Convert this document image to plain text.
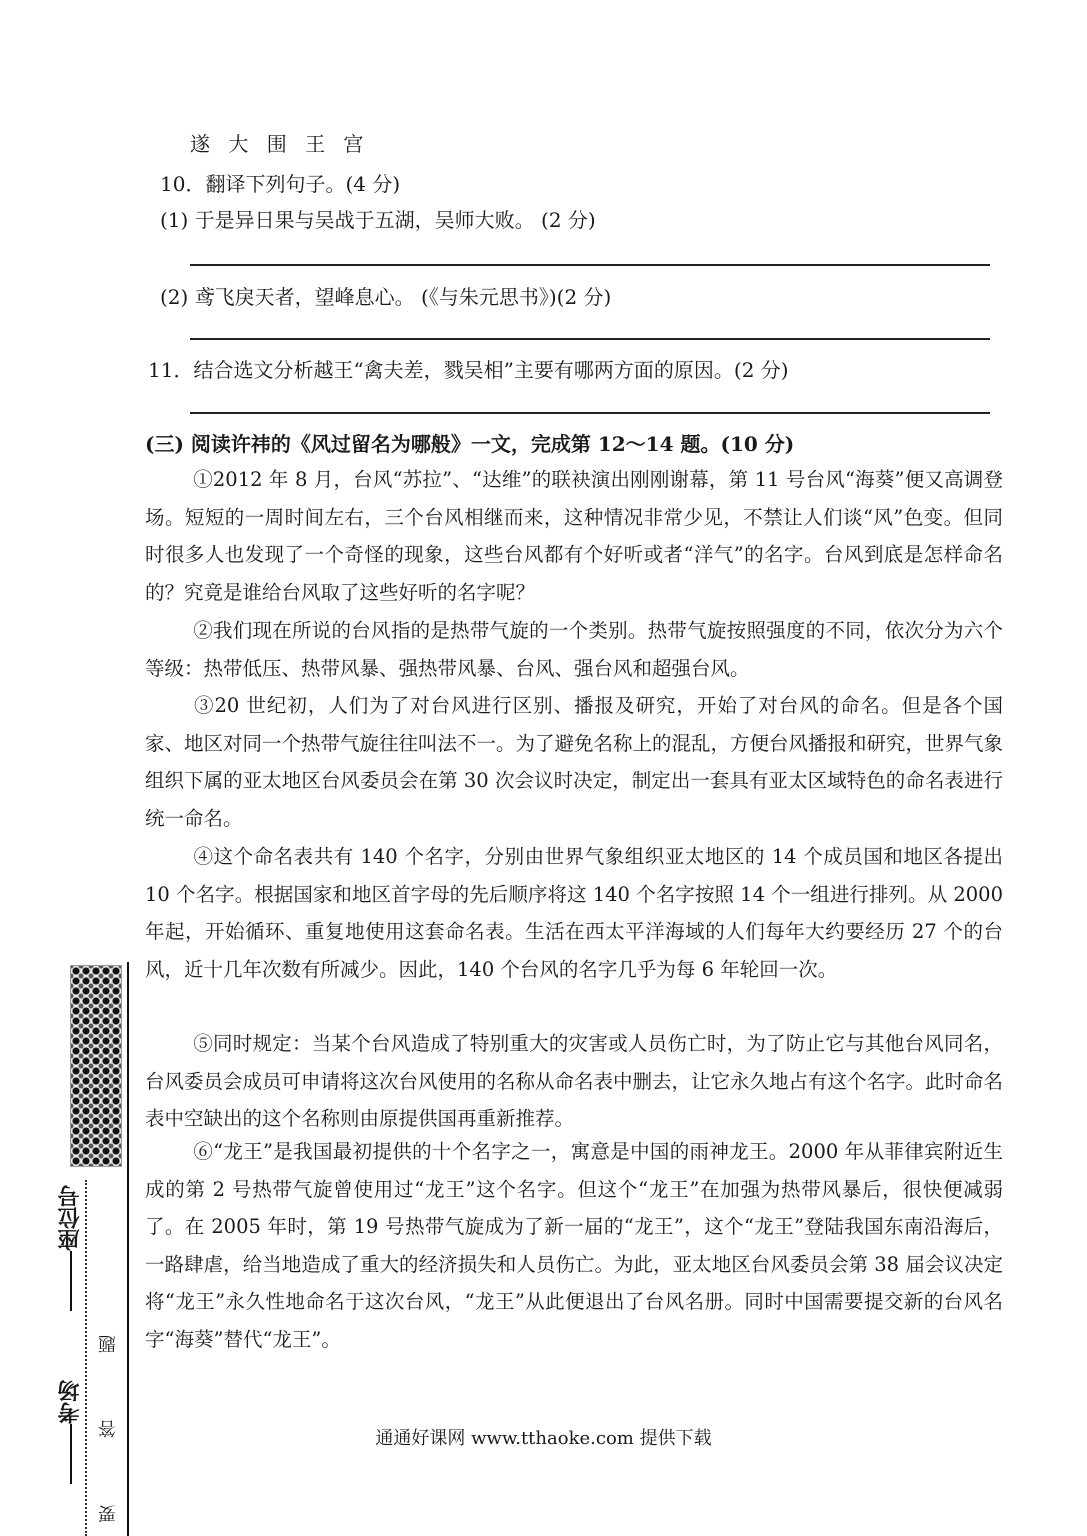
遂 大 围 王 宫
10．翻译下列句子。(4 分)
(1) 于是异日果与吴战于五湖，吴师大败。 (2 分)
(2) 鸢飞戾天者，望峰息心。 (《与朱元思书》)(2 分)
11．结合选文分析越王“禽夫差，戮吴相”主要有哪两方面的原因。(2 分)
(三) 阅读许祎的《风过留名为哪般》一文，完成第 12～14 题。(10 分)
①2012 年 8 月，台风“苏拉”、“达维”的联袂演出刚刚谢幕，第 11 号台风“海葵”便又高调登场。短短的一周时间左右，三个台风相继而来，这种情况非常少见，不禁让人们谈“风”色变。但同时很多人也发现了一个奇怪的现象，这些台风都有个好听或者“洋气”的名字。台风到底是怎样命名的？究竟是谁给台风取了这些好听的名字呢？
②我们现在所说的台风指的是热带气旋的一个类别。热带气旋按照强度的不同，依次分为六个等级：热带低压、热带风暴、强热带风暴、台风、强台风和超强台风。
③20 世纪初，人们为了对台风进行区别、播报及研究，开始了对台风的命名。但是各个国家、地区对同一个热带气旋往往叫法不一。为了避免名称上的混乱，方便台风播报和研究，世界气象组织下属的亚太地区台风委员会在第 30 次会议时决定，制定出一套具有亚太区域特色的命名表进行统一命名。
④这个命名表共有 140 个名字，分别由世界气象组织亚太地区的 14 个成员国和地区各提出 10 个名字。根据国家和地区首字母的先后顺序将这 140 个名字按照 14 个一组进行排列。从 2000 年起，开始循环、重复地使用这套命名表。生活在西太平洋海域的人们每年大约要经历 27 个的台风，近十几年次数有所减少。因此，140 个台风的名字几乎为每 6 年轮回一次。
⑤同时规定：当某个台风造成了特别重大的灾害或人员伤亡时，为了防止它与其他台风同名，台风委员会成员可申请将这次台风使用的名称从命名表中删去，让它永久地占有这个名字。此时命名表中空缺出的这个名称则由原提供国再重新推荐。
⑥“龙王”是我国最初提供的十个名字之一，寓意是中国的雨神龙王。2000 年从菲律宾附近生成的第 2 号热带气旋曾使用过“龙王”这个名字。但这个“龙王”在加强为热带风暴后，很快便减弱了。在 2005 年时，第 19 号热带气旋成为了新一届的“龙王”，这个“龙王”登陆我国东南沿海后，一路肆虐，给当地造成了重大的经济损失和人员伤亡。为此，亚太地区台风委员会第 38 届会议决定将“龙王”永久性地命名于这次台风，“龙王”从此便退出了台风名册。同时中国需要提交新的台风名字“海葵”替代“龙王”。
通通好课网 www.tthaoke.com 提供下载
座位号
考场
要
答
题
